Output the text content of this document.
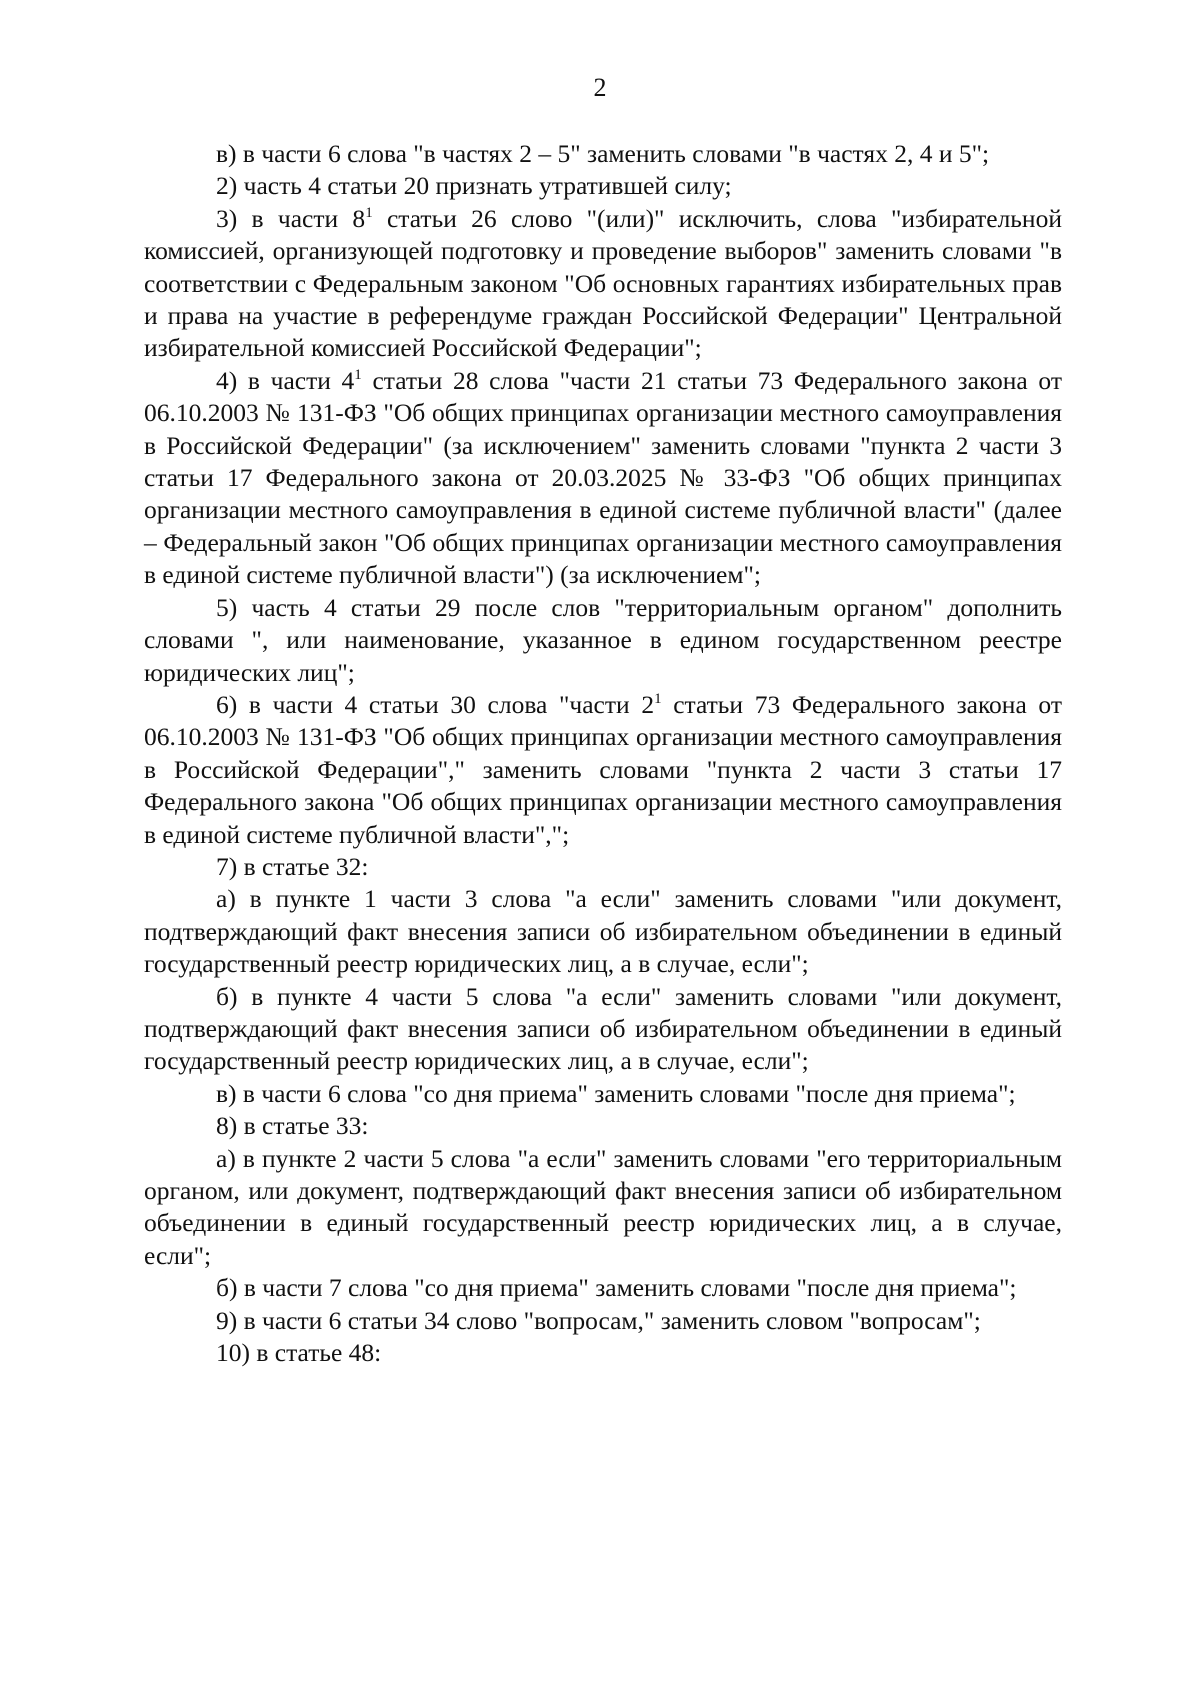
2

в) в части 6 слова "в частях 2 – 5" заменить словами "в частях 2, 4 и 5";

2) часть 4 статьи 20 признать утратившей силу;

3) в части $8^1$ статьи 26 слово "(или)" исключить, слова "избирательной комиссией, организующей подготовку и проведение выборов" заменить словами "в соответствии с Федеральным законом "Об основных гарантиях избирательных прав и права на участие в референдуме граждан Российской Федерации" Центральной избирательной комиссией Российской Федерации";

4) в части $4^1$ статьи 28 слова "части 21 статьи 73 Федерального закона от 06.10.2003 № 131-ФЗ "Об общих принципах организации местного самоуправления в Российской Федерации" (за исключением" заменить словами "пункта 2 части 3 статьи 17 Федерального закона от 20.03.2025 № 33-ФЗ "Об общих принципах организации местного самоуправления в единой системе публичной власти" (далее – Федеральный закон "Об общих принципах организации местного самоуправления в единой системе публичной власти") (за исключением";

5) часть 4 статьи 29 после слов "территориальным органом" дополнить словами ", или наименование, указанное в едином государственном реестре юридических лиц";

6) в части 4 статьи 30 слова "части $2^1$ статьи 73 Федерального закона от 06.10.2003 № 131-ФЗ "Об общих принципах организации местного самоуправления в Российской Федерации"," заменить словами "пункта 2 части 3 статьи 17 Федерального закона "Об общих принципах организации местного самоуправления в единой системе публичной власти",";

7) в статье 32:

а) в пункте 1 части 3 слова "а если" заменить словами "или документ, подтверждающий факт внесения записи об избирательном объединении в единый государственный реестр юридических лиц, а в случае, если";

б) в пункте 4 части 5 слова "а если" заменить словами "или документ, подтверждающий факт внесения записи об избирательном объединении в единый государственный реестр юридических лиц, а в случае, если";

в) в части 6 слова "со дня приема" заменить словами "после дня приема";

8) в статье 33:

а) в пункте 2 части 5 слова "а если" заменить словами "его территориальным органом, или документ, подтверждающий факт внесения записи об избирательном объединении в единый государственный реестр юридических лиц, а в случае, если";

б) в части 7 слова "со дня приема" заменить словами "после дня приема";

9) в части 6 статьи 34 слово "вопросам," заменить словом "вопросам";

10) в статье 48:
